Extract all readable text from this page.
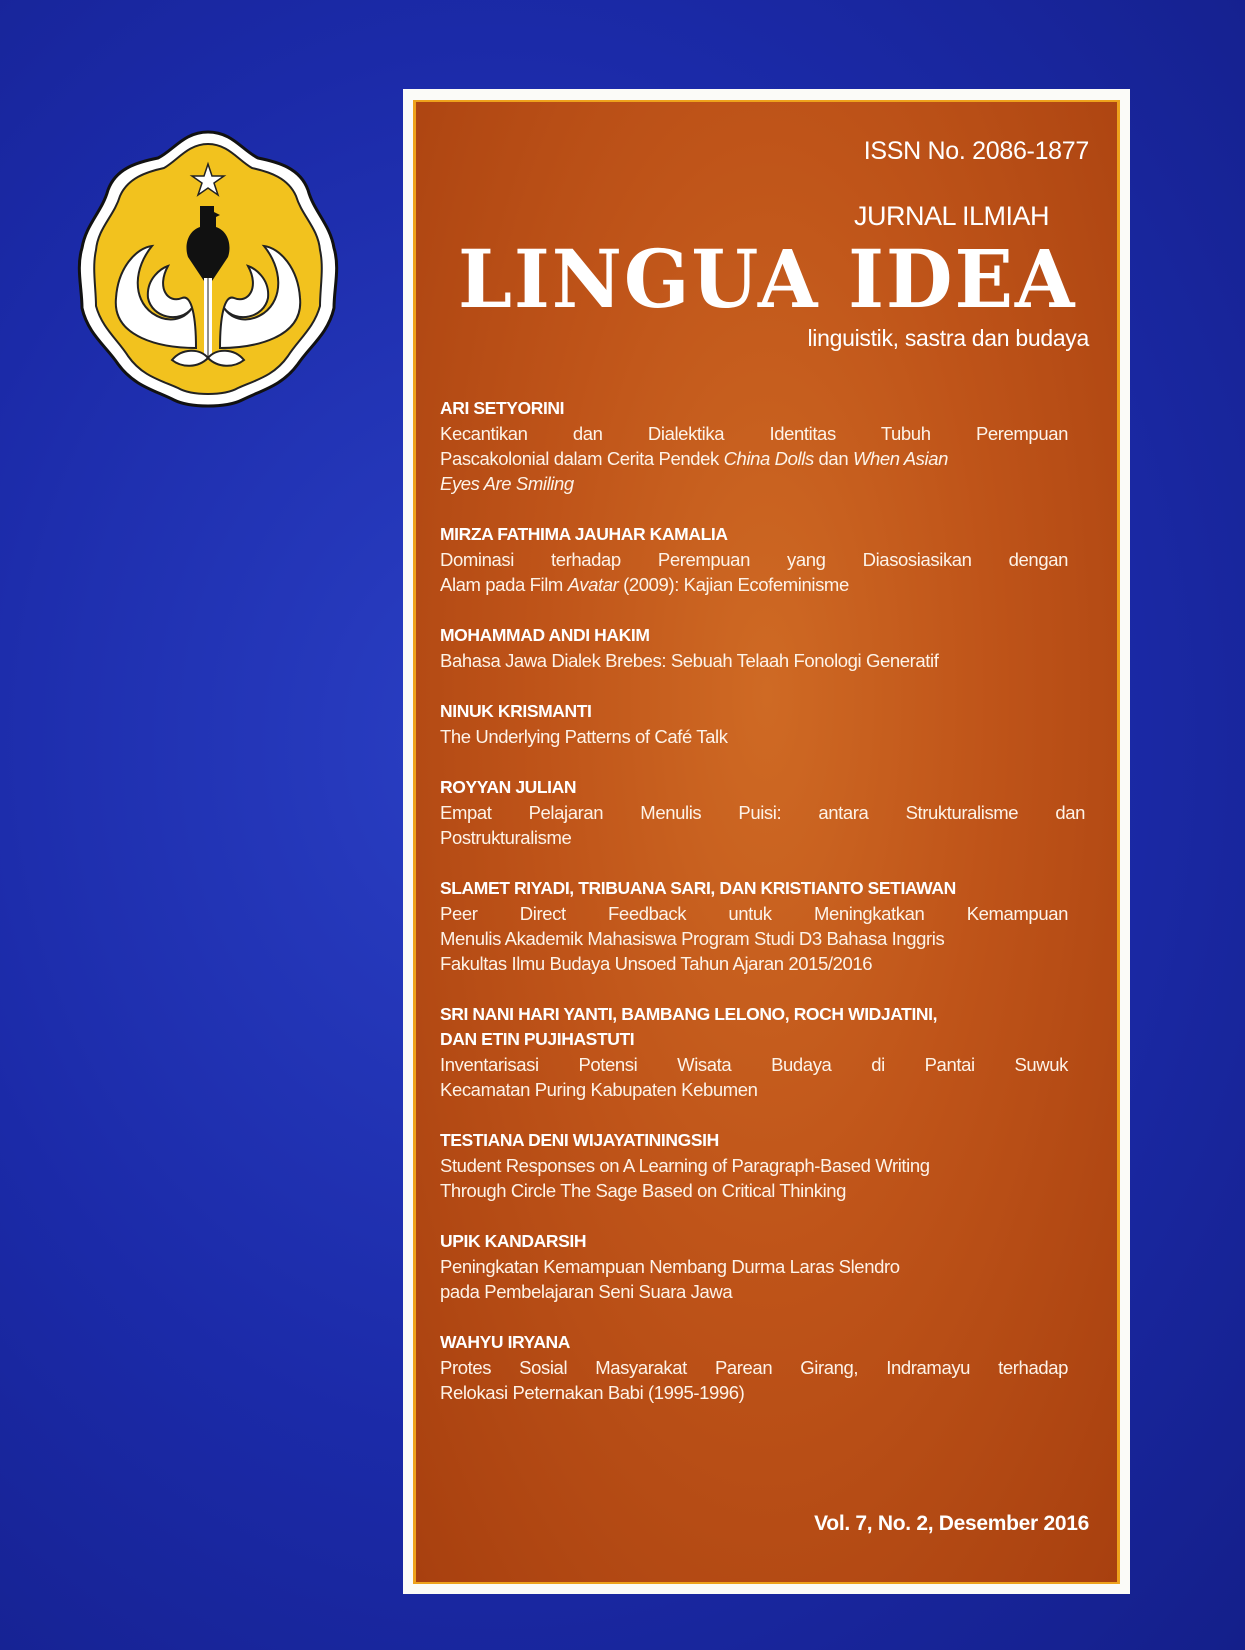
ISSN No. 2086-1877
JURNAL ILMIAH
LINGUA IDEA
linguistik, sastra dan budaya
ARI SETYORINI
Kecantikan dan Dialektika Identitas Tubuh Perempuan
Pascakolonial dalam Cerita Pendek China Dolls dan When Asian
Eyes Are Smiling
MIRZA FATHIMA JAUHAR KAMALIA
Dominasi terhadap Perempuan yang Diasosiasikan dengan
Alam pada Film Avatar (2009): Kajian Ecofeminisme
MOHAMMAD ANDI HAKIM
Bahasa Jawa Dialek Brebes: Sebuah Telaah Fonologi Generatif
NINUK KRISMANTI
The Underlying Patterns of Café Talk
ROYYAN JULIAN
Empat Pelajaran Menulis Puisi: antara Strukturalisme dan
Postrukturalisme
SLAMET RIYADI, TRIBUANA SARI, DAN KRISTIANTO SETIAWAN
Peer Direct Feedback untuk Meningkatkan Kemampuan
Menulis Akademik Mahasiswa Program Studi D3 Bahasa Inggris
Fakultas Ilmu Budaya Unsoed Tahun Ajaran 2015/2016
SRI NANI HARI YANTI, BAMBANG LELONO, ROCH WIDJATINI,
DAN ETIN PUJIHASTUTI
Inventarisasi Potensi Wisata Budaya di Pantai Suwuk
Kecamatan Puring Kabupaten Kebumen
TESTIANA DENI WIJAYATININGSIH
Student Responses on A Learning of Paragraph-Based Writing
Through Circle The Sage Based on Critical Thinking
UPIK KANDARSIH
Peningkatan Kemampuan Nembang Durma Laras Slendro
pada Pembelajaran Seni Suara Jawa
WAHYU IRYANA
Protes Sosial Masyarakat Parean Girang, Indramayu terhadap
Relokasi Peternakan Babi (1995-1996)
Vol. 7, No. 2, Desember 2016
